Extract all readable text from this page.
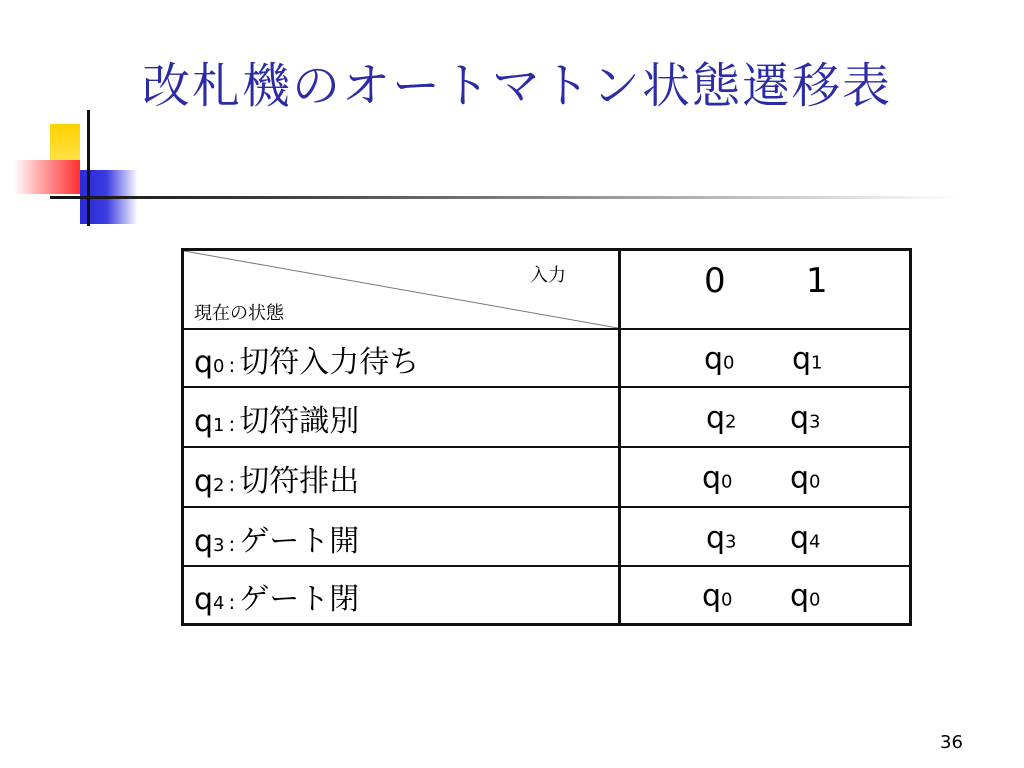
改札機のオートマトン状態遷移表
入力
現在の状態
0 1
q0 : 切符入力待ち	q0 q1
q1 : 切符識別	q2 q3
q2 : 切符排出	q0 q0
q3 : ゲート開	q3 q4
q4 : ゲート閉	q0 q0
36
